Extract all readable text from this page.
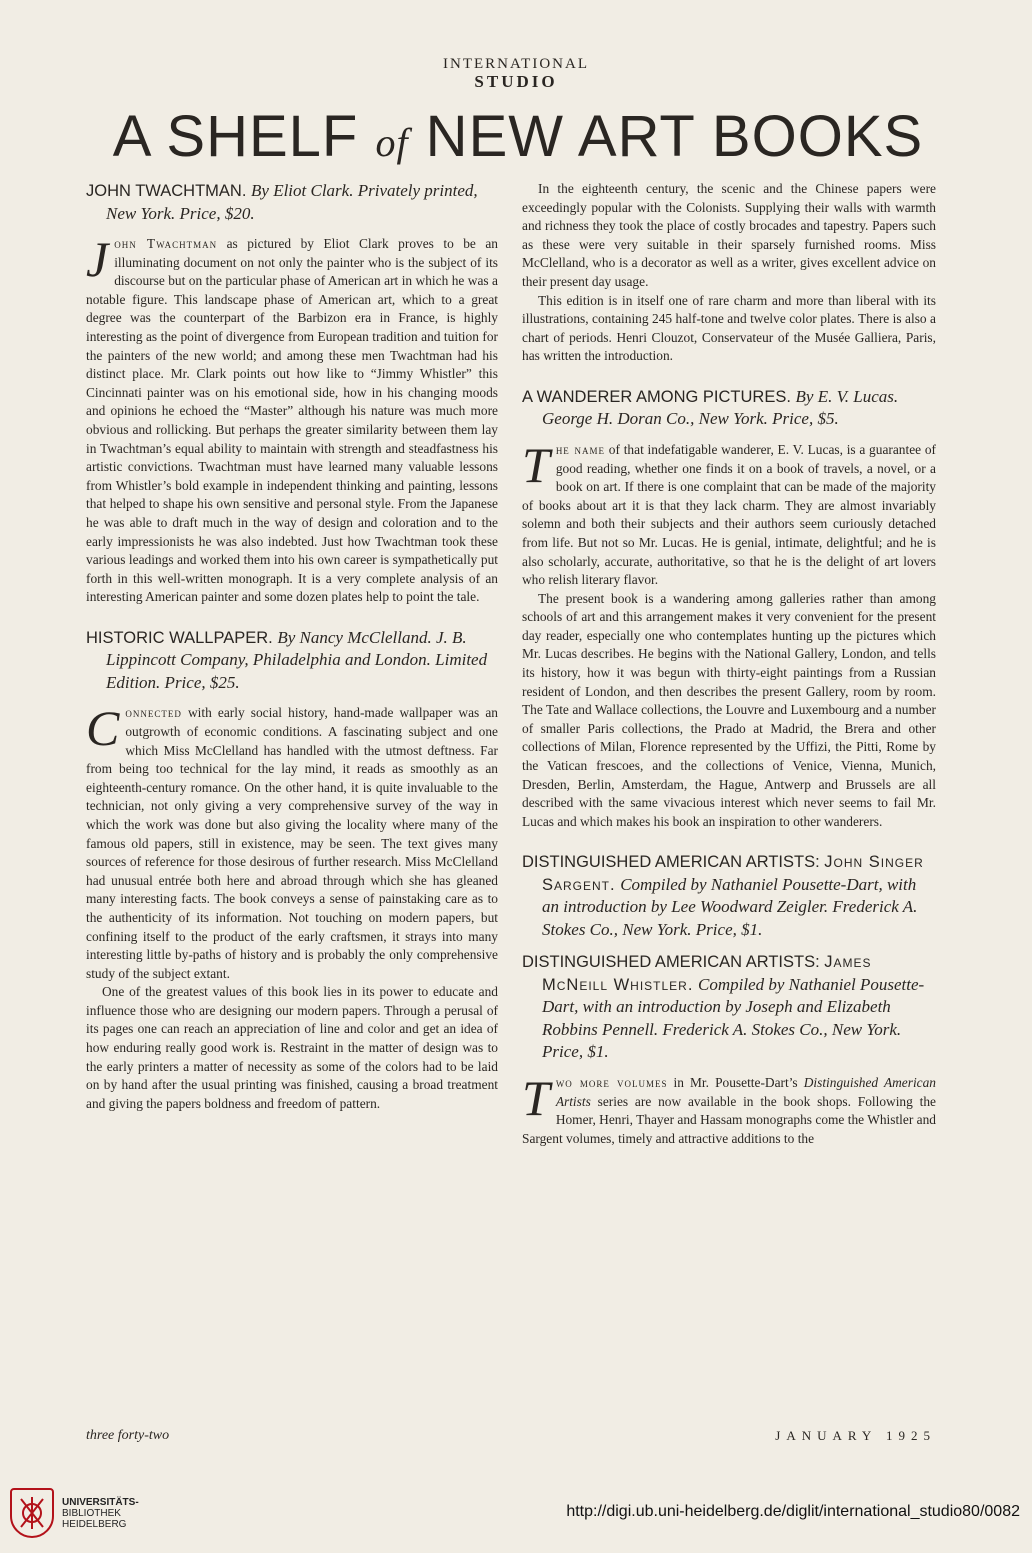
INTERNATIONAL
STUDIO
A SHELF of NEW ART BOOKS
JOHN TWACHTMAN. By Eliot Clark. Privately printed, New York. Price, $20.

John Twachtman as pictured by Eliot Clark proves to be an illuminating document on not only the painter who is the subject of its discourse but on the particular phase of American art in which he was a notable figure. This landscape phase of American art, which to a great degree was the counterpart of the Barbizon era in France, is highly interesting as the point of divergence from European tradition and tuition for the painters of the new world; and among these men Twachtman had his distinct place. Mr. Clark points out how like to “Jimmy Whistler” this Cincinnati painter was on his emotional side, how in his changing moods and opinions he echoed the “Master” although his nature was much more obvious and rollicking. But perhaps the greater similarity between them lay in Twachtman’s equal ability to maintain with strength and steadfastness his artistic convictions. Twachtman must have learned many valuable lessons from Whistler’s bold example in independent thinking and painting, lessons that helped to shape his own sensitive and personal style. From the Japanese he was able to draft much in the way of design and coloration and to the early impressionists he was also indebted. Just how Twachtman took these various leadings and worked them into his own career is sympathetically put forth in this well-written monograph. It is a very complete analysis of an interesting American painter and some dozen plates help to point the tale.

HISTORIC WALLPAPER. By Nancy McClelland. J. B. Lippincott Company, Philadelphia and London. Limited Edition. Price, $25.

Connected with early social history, hand-made wallpaper was an outgrowth of economic conditions. A fascinating subject and one which Miss McClelland has handled with the utmost deftness. Far from being too technical for the lay mind, it reads as smoothly as an eighteenth-century romance. On the other hand, it is quite invaluable to the technician, not only giving a very comprehensive survey of the way in which the work was done but also giving the locality where many of the famous old papers, still in existence, may be seen. The text gives many sources of reference for those desirous of further research. Miss McClelland had unusual entrée both here and abroad through which she has gleaned many interesting facts. The book conveys a sense of painstaking care as to the authenticity of its information. Not touching on modern papers, but confining itself to the product of the early craftsmen, it strays into many interesting little by-paths of history and is probably the only comprehensive study of the subject extant.

One of the greatest values of this book lies in its power to educate and influence those who are designing our modern papers. Through a perusal of its pages one can reach an appreciation of line and color and get an idea of how enduring really good work is. Restraint in the matter of design was to the early printers a matter of necessity as some of the colors had to be laid on by hand after the usual printing was finished, causing a broad treatment and giving the papers boldness and freedom of pattern.

In the eighteenth century, the scenic and the Chinese papers were exceedingly popular with the Colonists. Supplying their walls with warmth and richness they took the place of costly brocades and tapestry. Papers such as these were very suitable in their sparsely furnished rooms. Miss McClelland, who is a decorator as well as a writer, gives excellent advice on their present day usage.

This edition is in itself one of rare charm and more than liberal with its illustrations, containing 245 half-tone and twelve color plates. There is also a chart of periods. Henri Clouzot, Conservateur of the Musée Galliera, Paris, has written the introduction.

A WANDERER AMONG PICTURES. By E. V. Lucas. George H. Doran Co., New York. Price, $5.

The name of that indefatigable wanderer, E. V. Lucas, is a guarantee of good reading, whether one finds it on a book of travels, a novel, or a book on art. If there is one complaint that can be made of the majority of books about art it is that they lack charm. They are almost invariably solemn and both their subjects and their authors seem curiously detached from life. But not so Mr. Lucas. He is genial, intimate, delightful; and he is also scholarly, accurate, authoritative, so that he is the delight of art lovers who relish literary flavor.

The present book is a wandering among galleries rather than among schools of art and this arrangement makes it very convenient for the present day reader, especially one who contemplates hunting up the pictures which Mr. Lucas describes. He begins with the National Gallery, London, and tells its history, how it was begun with thirty-eight paintings from a Russian resident of London, and then describes the present Gallery, room by room. The Tate and Wallace collections, the Louvre and Luxembourg and a number of smaller Paris collections, the Prado at Madrid, the Brera and other collections of Milan, Florence represented by the Uffizi, the Pitti, Rome by the Vatican frescoes, and the collections of Venice, Vienna, Munich, Dresden, Berlin, Amsterdam, the Hague, Antwerp and Brussels are all described with the same vivacious interest which never seems to fail Mr. Lucas and which makes his book an inspiration to other wanderers.

DISTINGUISHED AMERICAN ARTISTS: John Singer Sargent. Compiled by Nathaniel Pousette-Dart, with an introduction by Lee Woodward Zeigler. Frederick A. Stokes Co., New York. Price, $1.
DISTINGUISHED AMERICAN ARTISTS: James McNeill Whistler. Compiled by Nathaniel Pousette-Dart, with an introduction by Joseph and Elizabeth Robbins Pennell. Frederick A. Stokes Co., New York. Price, $1.

Two more volumes in Mr. Pousette-Dart’s Distinguished American Artists series are now available in the book shops. Following the Homer, Henri, Thayer and Hassam monographs come the Whistler and Sargent volumes, timely and attractive additions to the

three forty-two	JANUARY 1925
UNIVERSITÄTS-
BIBLIOTHEK
HEIDELBERG
http://digi.ub.uni-heidelberg.de/diglit/international_studio80/0082
